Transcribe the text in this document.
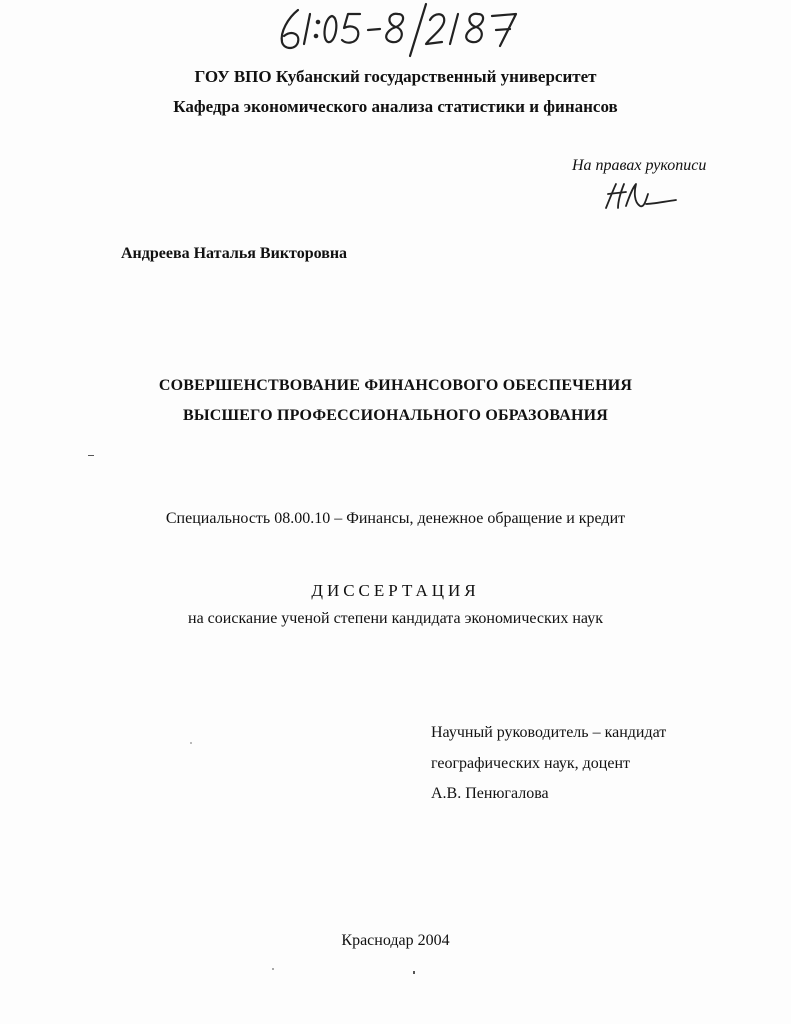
ГОУ ВПО Кубанский государственный университет
Кафедра экономического анализа статистики и финансов
На правах рукописи
Андреева Наталья Викторовна
СОВЕРШЕНСТВОВАНИЕ ФИНАНСОВОГО ОБЕСПЕЧЕНИЯ
ВЫСШЕГО ПРОФЕССИОНАЛЬНОГО ОБРАЗОВАНИЯ
Специальность 08.00.10 – Финансы, денежное обращение и кредит
ДИССЕРТАЦИЯ
на соискание ученой степени кандидата экономических наук
Научный руководитель – кандидат
географических наук, доцент
А.В. Пенюгалова
Краснодар 2004
